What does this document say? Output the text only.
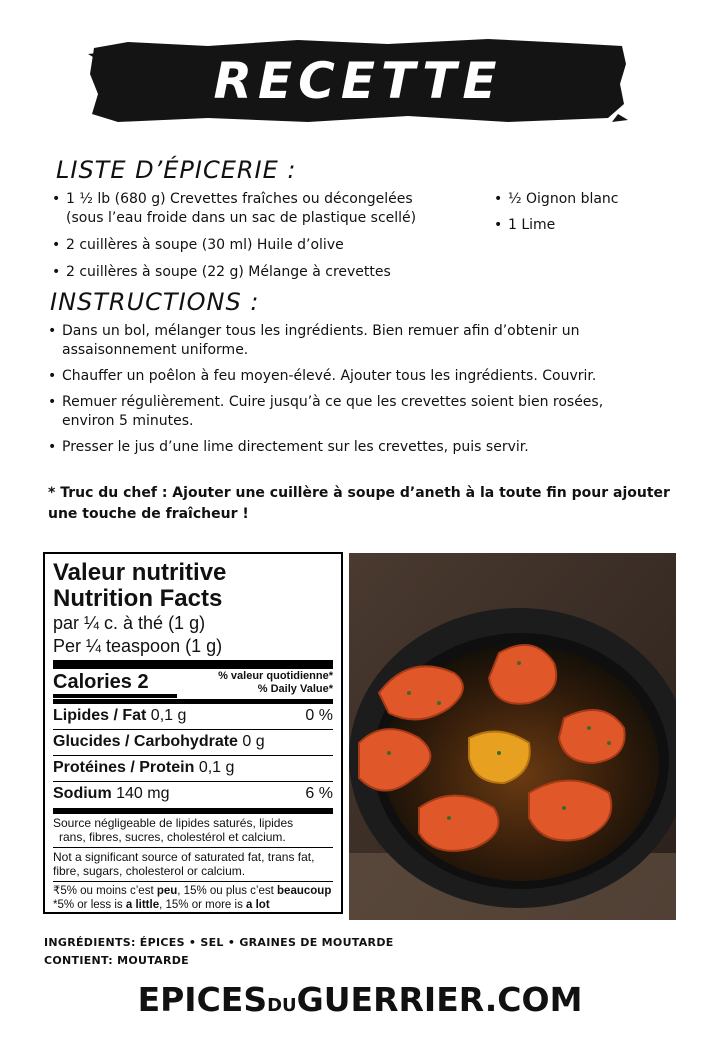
RECETTE
LISTE D’ÉPICERIE :
• 1 ½ lb (680 g) Crevettes fraîches ou décongelées
(sous l’eau froide dans un sac de plastique scellé)
• 2 cuillères à soupe (30 ml) Huile d’olive
• 2 cuillères à soupe (22 g) Mélange à crevettes
• ½ Oignon blanc
• 1 Lime
INSTRUCTIONS :
• Dans un bol, mélanger tous les ingrédients. Bien remuer afin d’obtenir un
assaisonnement uniforme.
• Chauffer un poêlon à feu moyen-élevé. Ajouter tous les ingrédients. Couvrir.
• Remuer régulièrement. Cuire jusqu’à ce que les crevettes soient bien rosées,
environ 5 minutes.
• Presser le jus d’une lime directement sur les crevettes, puis servir.
* Truc du chef : Ajouter une cuillère à soupe d’aneth à la toute fin pour ajouter
une touche de fraîcheur !
Valeur nutritive
Nutrition Facts
par ¼ c. à thé (1 g)
Per ¼ teaspoon (1 g)
Calories 2	% valeur quotidienne*
% Daily Value*
Lipides / Fat 0,1 g	0 %
Glucides / Carbohydrate 0 g
Protéines / Protein 0,1 g
Sodium 140 mg	6 %
Source négligeable de lipides saturés, lipides
rans, fibres, sucres, cholestérol et calcium.
Not a significant source of saturated fat, trans fat,
fibre, sugars, cholesterol or calcium.
₹5% ou moins c’est peu, 15% ou plus c’est beaucoup
*5% or less is a little, 15% or more is a lot
INGRÉDIENTS: ÉPICES • SEL • GRAINES DE MOUTARDE
CONTIENT: MOUTARDE
EPICESDUGUERRIER.COM
